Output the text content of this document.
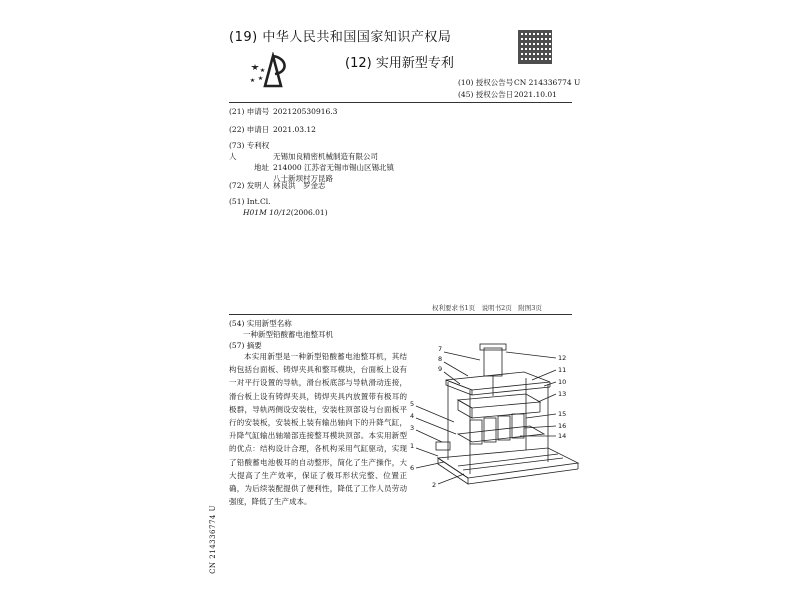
(19) 中华人民共和国国家知识产权局
(12) 实用新型专利
(10) 授权公告号CN 214336774 U
(45) 授权公告日2021.10.01
(21) 申请号 202120530916.3
(22) 申请日 2021.03.12
(73) 专利权人	无锡加良精密机械制造有限公司
地址 214000 江苏省无锡市锡山区锡北镇
八士新坝村万昆路
(72) 发明人 林良洪　罗金志
(51) Int.Cl.
H01M 10/12(2006.01)
权利要求书1页　说明书2页　附图3页
(54) 实用新型名称
一种新型铅酸蓄电池整耳机
(57) 摘要
本实用新型是一种新型铅酸蓄电池整耳机，其结构包括台面板、铸焊夹具和整耳模块，台面板上设有一对平行设置的导轨，滑台板底部与导轨滑动连接，滑台板上设有铸焊夹具，铸焊夹具内放置带有极耳的极群，导轨两侧设安装柱，安装柱顶部设与台面板平行的安装板，安装板上装有输出轴向下的升降气缸，升降气缸输出轴端部连接整耳模块顶部。本实用新型的优点：结构设计合理，各机构采用气缸驱动，实现了铅酸蓄电池极耳的自动整形，简化了生产操作，大大提高了生产效率，保证了极耳形状完整、位置正确，为后续装配提供了便利性，降低了工作人员劳动强度，降低了生产成本。
CN 214336774 U
7
8
9
5
4
3
1
6
2
12
11
10
13
15
16
14
